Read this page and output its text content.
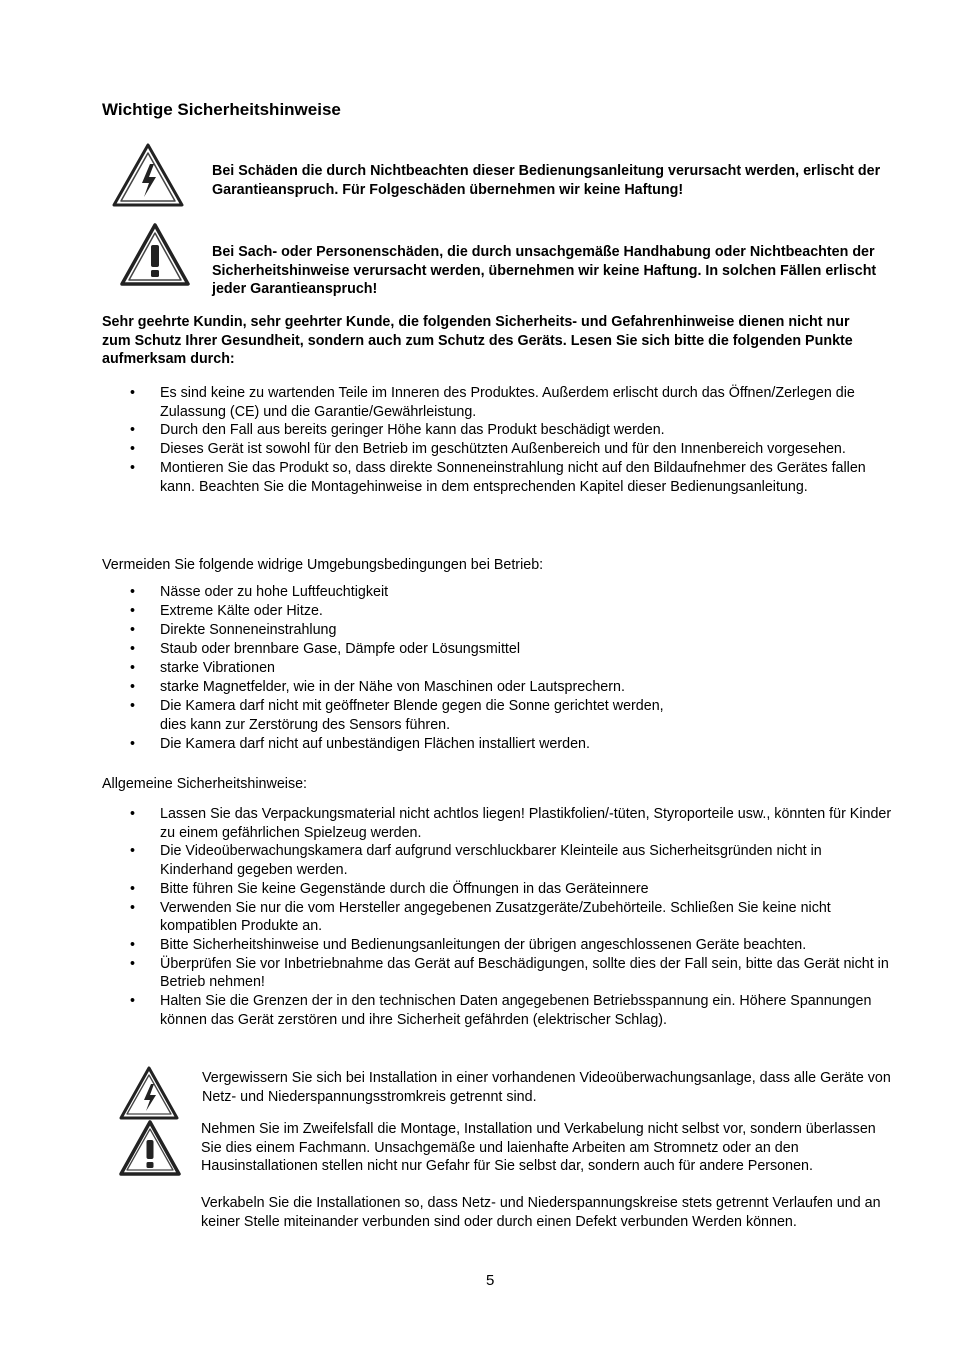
Wichtige Sicherheitshinweise
Bei Schäden die durch Nichtbeachten dieser Bedienungsanleitung verursacht werden, erlischt der Garantieanspruch. Für Folgeschäden übernehmen wir keine Haftung!
Bei Sach- oder Personenschäden, die durch unsachgemäße Handhabung oder Nichtbeachten der Sicherheitshinweise verursacht werden, übernehmen wir keine Haftung. In solchen Fällen erlischt jeder Garantieanspruch!
Sehr geehrte Kundin, sehr geehrter Kunde, die folgenden Sicherheits- und Gefahrenhinweise dienen nicht nur zum Schutz Ihrer Gesundheit, sondern auch zum Schutz des Geräts. Lesen Sie sich bitte die folgenden Punkte aufmerksam durch:
• Es sind keine zu wartenden Teile im Inneren des Produktes. Außerdem erlischt durch das Öffnen/Zerlegen die Zulassung (CE) und die Garantie/Gewährleistung.
• Durch den Fall aus bereits geringer Höhe kann das Produkt beschädigt werden.
• Dieses Gerät ist sowohl für den Betrieb im geschützten Außenbereich und für den Innenbereich vorgesehen.
• Montieren Sie das Produkt so, dass direkte Sonneneinstrahlung nicht auf den Bildaufnehmer des Gerätes fallen kann. Beachten Sie die Montagehinweise in dem entsprechenden Kapitel dieser Bedienungsanleitung.
Vermeiden Sie folgende widrige Umgebungsbedingungen bei Betrieb:
• Nässe oder zu hohe Luftfeuchtigkeit
• Extreme Kälte oder Hitze.
• Direkte Sonneneinstrahlung
• Staub oder brennbare Gase, Dämpfe oder Lösungsmittel
• starke Vibrationen
• starke Magnetfelder, wie in der Nähe von Maschinen oder Lautsprechern.
• Die Kamera darf nicht mit geöffneter Blende gegen die Sonne gerichtet werden,
dies kann zur Zerstörung des Sensors führen.
• Die Kamera darf nicht auf unbeständigen Flächen installiert werden.
Allgemeine Sicherheitshinweise:
• Lassen Sie das Verpackungsmaterial nicht achtlos liegen! Plastikfolien/-tüten, Styroporteile usw., könnten für Kinder zu einem gefährlichen Spielzeug werden.
• Die Videoüberwachungskamera darf aufgrund verschluckbarer Kleinteile aus Sicherheitsgründen nicht in Kinderhand gegeben werden.
• Bitte führen Sie keine Gegenstände durch die Öffnungen in das Geräteinnere
• Verwenden Sie nur die vom Hersteller angegebenen Zusatzgeräte/Zubehörteile. Schließen Sie keine nicht kompatiblen Produkte an.
• Bitte Sicherheitshinweise und Bedienungsanleitungen der übrigen angeschlossenen Geräte beachten.
• Überprüfen Sie vor Inbetriebnahme das Gerät auf Beschädigungen, sollte dies der Fall sein, bitte das Gerät nicht in Betrieb nehmen!
• Halten Sie die Grenzen der in den technischen Daten angegebenen Betriebsspannung ein. Höhere Spannungen können das Gerät zerstören und ihre Sicherheit gefährden (elektrischer Schlag).
Vergewissern Sie sich bei Installation in einer vorhandenen Videoüberwachungsanlage, dass alle Geräte von Netz- und Niederspannungsstromkreis getrennt sind.
Nehmen Sie im Zweifelsfall die Montage, Installation und Verkabelung nicht selbst vor, sondern überlassen Sie dies einem Fachmann. Unsachgemäße und laienhafte Arbeiten am Stromnetz oder an den Hausinstallationen stellen nicht nur Gefahr für Sie selbst dar, sondern auch für andere Personen.
Verkabeln Sie die Installationen so, dass Netz- und Niederspannungskreise stets getrennt Verlaufen und an keiner Stelle miteinander verbunden sind oder durch einen Defekt verbunden Werden können.
5
